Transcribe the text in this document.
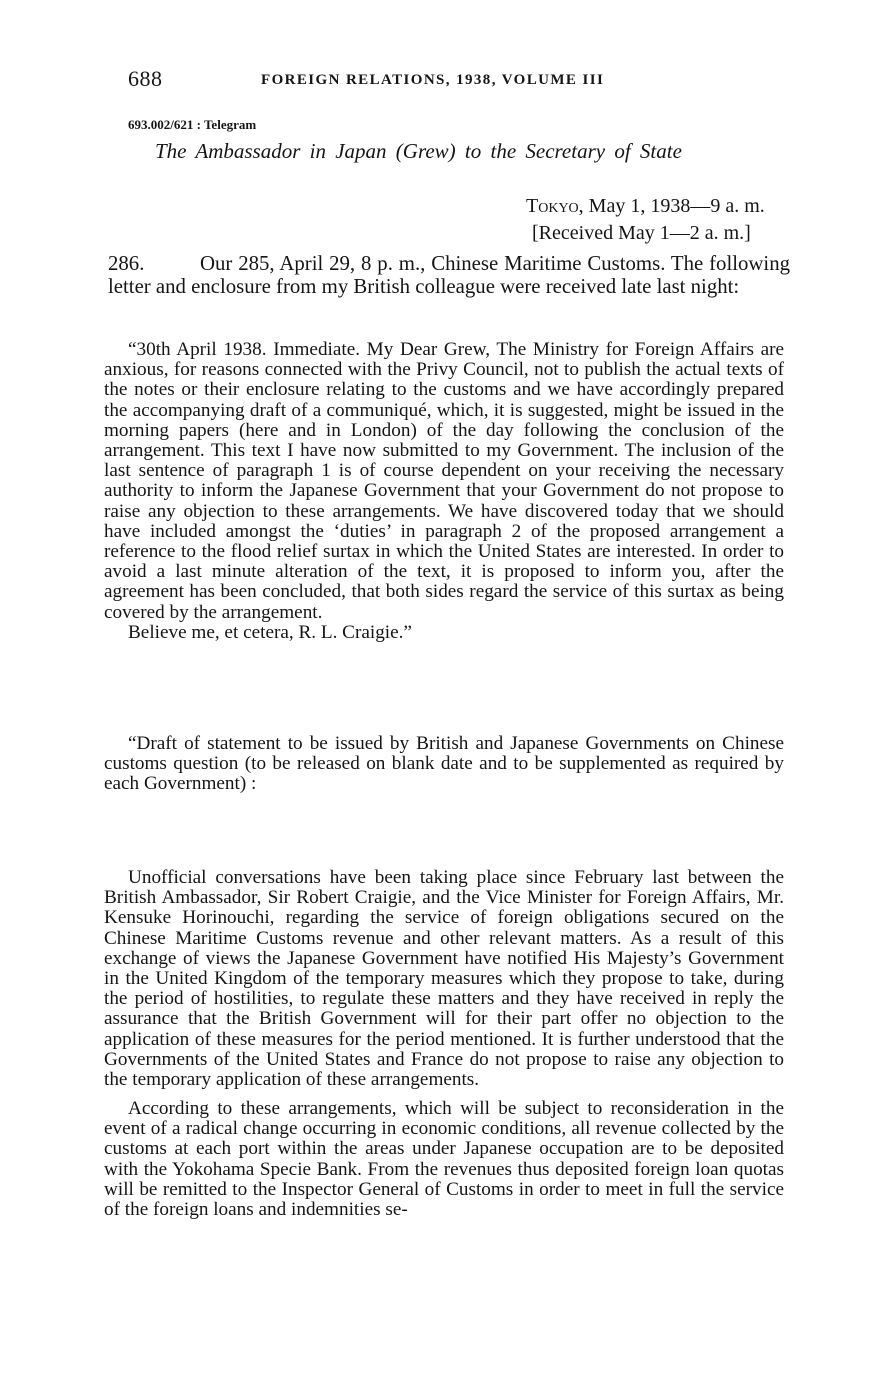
688	FOREIGN RELATIONS, 1938, VOLUME III
693.002/621 : Telegram
The Ambassador in Japan (Grew) to the Secretary of State
Tokyo, May 1, 1938—9 a. m.
[Received May 1—2 a. m.]

286.	Our 285, April 29, 8 p. m., Chinese Maritime Customs. The following letter and enclosure from my British colleague were received late last night:

“30th April 1938. Immediate. My Dear Grew, The Ministry for Foreign Affairs are anxious, for reasons connected with the Privy Council, not to publish the actual texts of the notes or their enclosure relating to the customs and we have accordingly prepared the accompanying draft of a communiqué, which, it is suggested, might be issued in the morning papers (here and in London) of the day following the conclusion of the arrangement. This text I have now submitted to my Government. The inclusion of the last sentence of paragraph 1 is of course dependent on your receiving the necessary authority to inform the Japanese Government that your Government do not propose to raise any objection to these arrangements. We have discovered today that we should have included amongst the ‘duties’ in paragraph 2 of the proposed arrangement a reference to the flood relief surtax in which the United States are interested. In order to avoid a last minute alteration of the text, it is proposed to inform you, after the agreement has been concluded, that both sides regard the service of this surtax as being covered by the arrangement.

Believe me, et cetera, R. L. Craigie.”

“Draft of statement to be issued by British and Japanese Governments on Chinese customs question (to be released on blank date and to be supplemented as required by each Government) :

Unofficial conversations have been taking place since February last between the British Ambassador, Sir Robert Craigie, and the Vice Minister for Foreign Affairs, Mr. Kensuke Horinouchi, regarding the service of foreign obligations secured on the Chinese Maritime Customs revenue and other relevant matters. As a result of this exchange of views the Japanese Government have notified His Majesty’s Government in the United Kingdom of the temporary measures which they propose to take, during the period of hostilities, to regulate these matters and they have received in reply the assurance that the British Government will for their part offer no objection to the application of these measures for the period mentioned. It is further understood that the Governments of the United States and France do not propose to raise any objection to the temporary application of these arrangements.

According to these arrangements, which will be subject to reconsideration in the event of a radical change occurring in economic conditions, all revenue collected by the customs at each port within the areas under Japanese occupation are to be deposited with the Yokohama Specie Bank. From the revenues thus deposited foreign loan quotas will be remitted to the Inspector General of Customs in order to meet in full the service of the foreign loans and indemnities se-
